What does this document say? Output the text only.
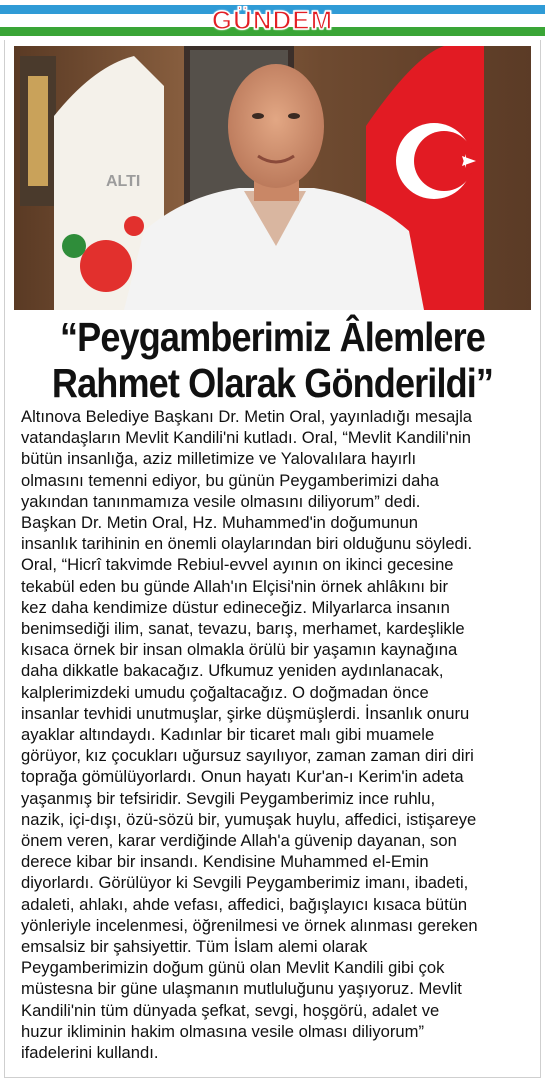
GÜNDEM
ALTI
“Peygamberimiz Âlemlere
Rahmet Olarak Gönderildi”
Altınova Belediye Başkanı Dr. Metin Oral, yayınladığı mesajla
vatandaşların Mevlit Kandili'ni kutladı. Oral, “Mevlit Kandili'nin
bütün insanlığa, aziz milletimize ve Yalovalılara hayırlı
olmasını temenni ediyor, bu günün Peygamberimizi daha
yakından tanınmamıza vesile olmasını diliyorum” dedi.
Başkan Dr. Metin Oral, Hz. Muhammed'in doğumunun
insanlık tarihinin en önemli olaylarından biri olduğunu söyledi.
Oral, “Hicrî takvimde Rebiul-evvel ayının on ikinci gecesine
tekabül eden bu günde Allah'ın Elçisi'nin örnek ahlâkını bir
kez daha kendimize düstur edineceğiz. Milyarlarca insanın
benimsediği ilim, sanat, tevazu, barış, merhamet, kardeşlikle
kısaca örnek bir insan olmakla örülü bir yaşamın kaynağına
daha dikkatle bakacağız. Ufkumuz yeniden aydınlanacak,
kalplerimizdeki umudu çoğaltacağız. O doğmadan önce
insanlar tevhidi unutmuşlar, şirke düşmüşlerdi. İnsanlık onuru
ayaklar altındaydı. Kadınlar bir ticaret malı gibi muamele
görüyor, kız çocukları uğursuz sayılıyor, zaman zaman diri diri
toprağa gömülüyorlardı. Onun hayatı Kur'an-ı Kerim'in adeta
yaşanmış bir tefsiridir. Sevgili Peygamberimiz ince ruhlu,
nazik, içi-dışı, özü-sözü bir, yumuşak huylu, affedici, istişareye
önem veren, karar verdiğinde Allah'a güvenip dayanan, son
derece kibar bir insandı. Kendisine Muhammed el-Emin
diyorlardı. Görülüyor ki Sevgili Peygamberimiz imanı, ibadeti,
adaleti, ahlakı, ahde vefası, affedici, bağışlayıcı kısaca bütün
yönleriyle incelenmesi, öğrenilmesi ve örnek alınması gereken
emsalsiz bir şahsiyettir. Tüm İslam alemi olarak
Peygamberimizin doğum günü olan Mevlit Kandili gibi çok
müstesna bir güne ulaşmanın mutluluğunu yaşıyoruz. Mevlit
Kandili'nin tüm dünyada şefkat, sevgi, hoşgörü, adalet ve
huzur ikliminin hakim olmasına vesile olması diliyorum”
ifadelerini kullandı.
